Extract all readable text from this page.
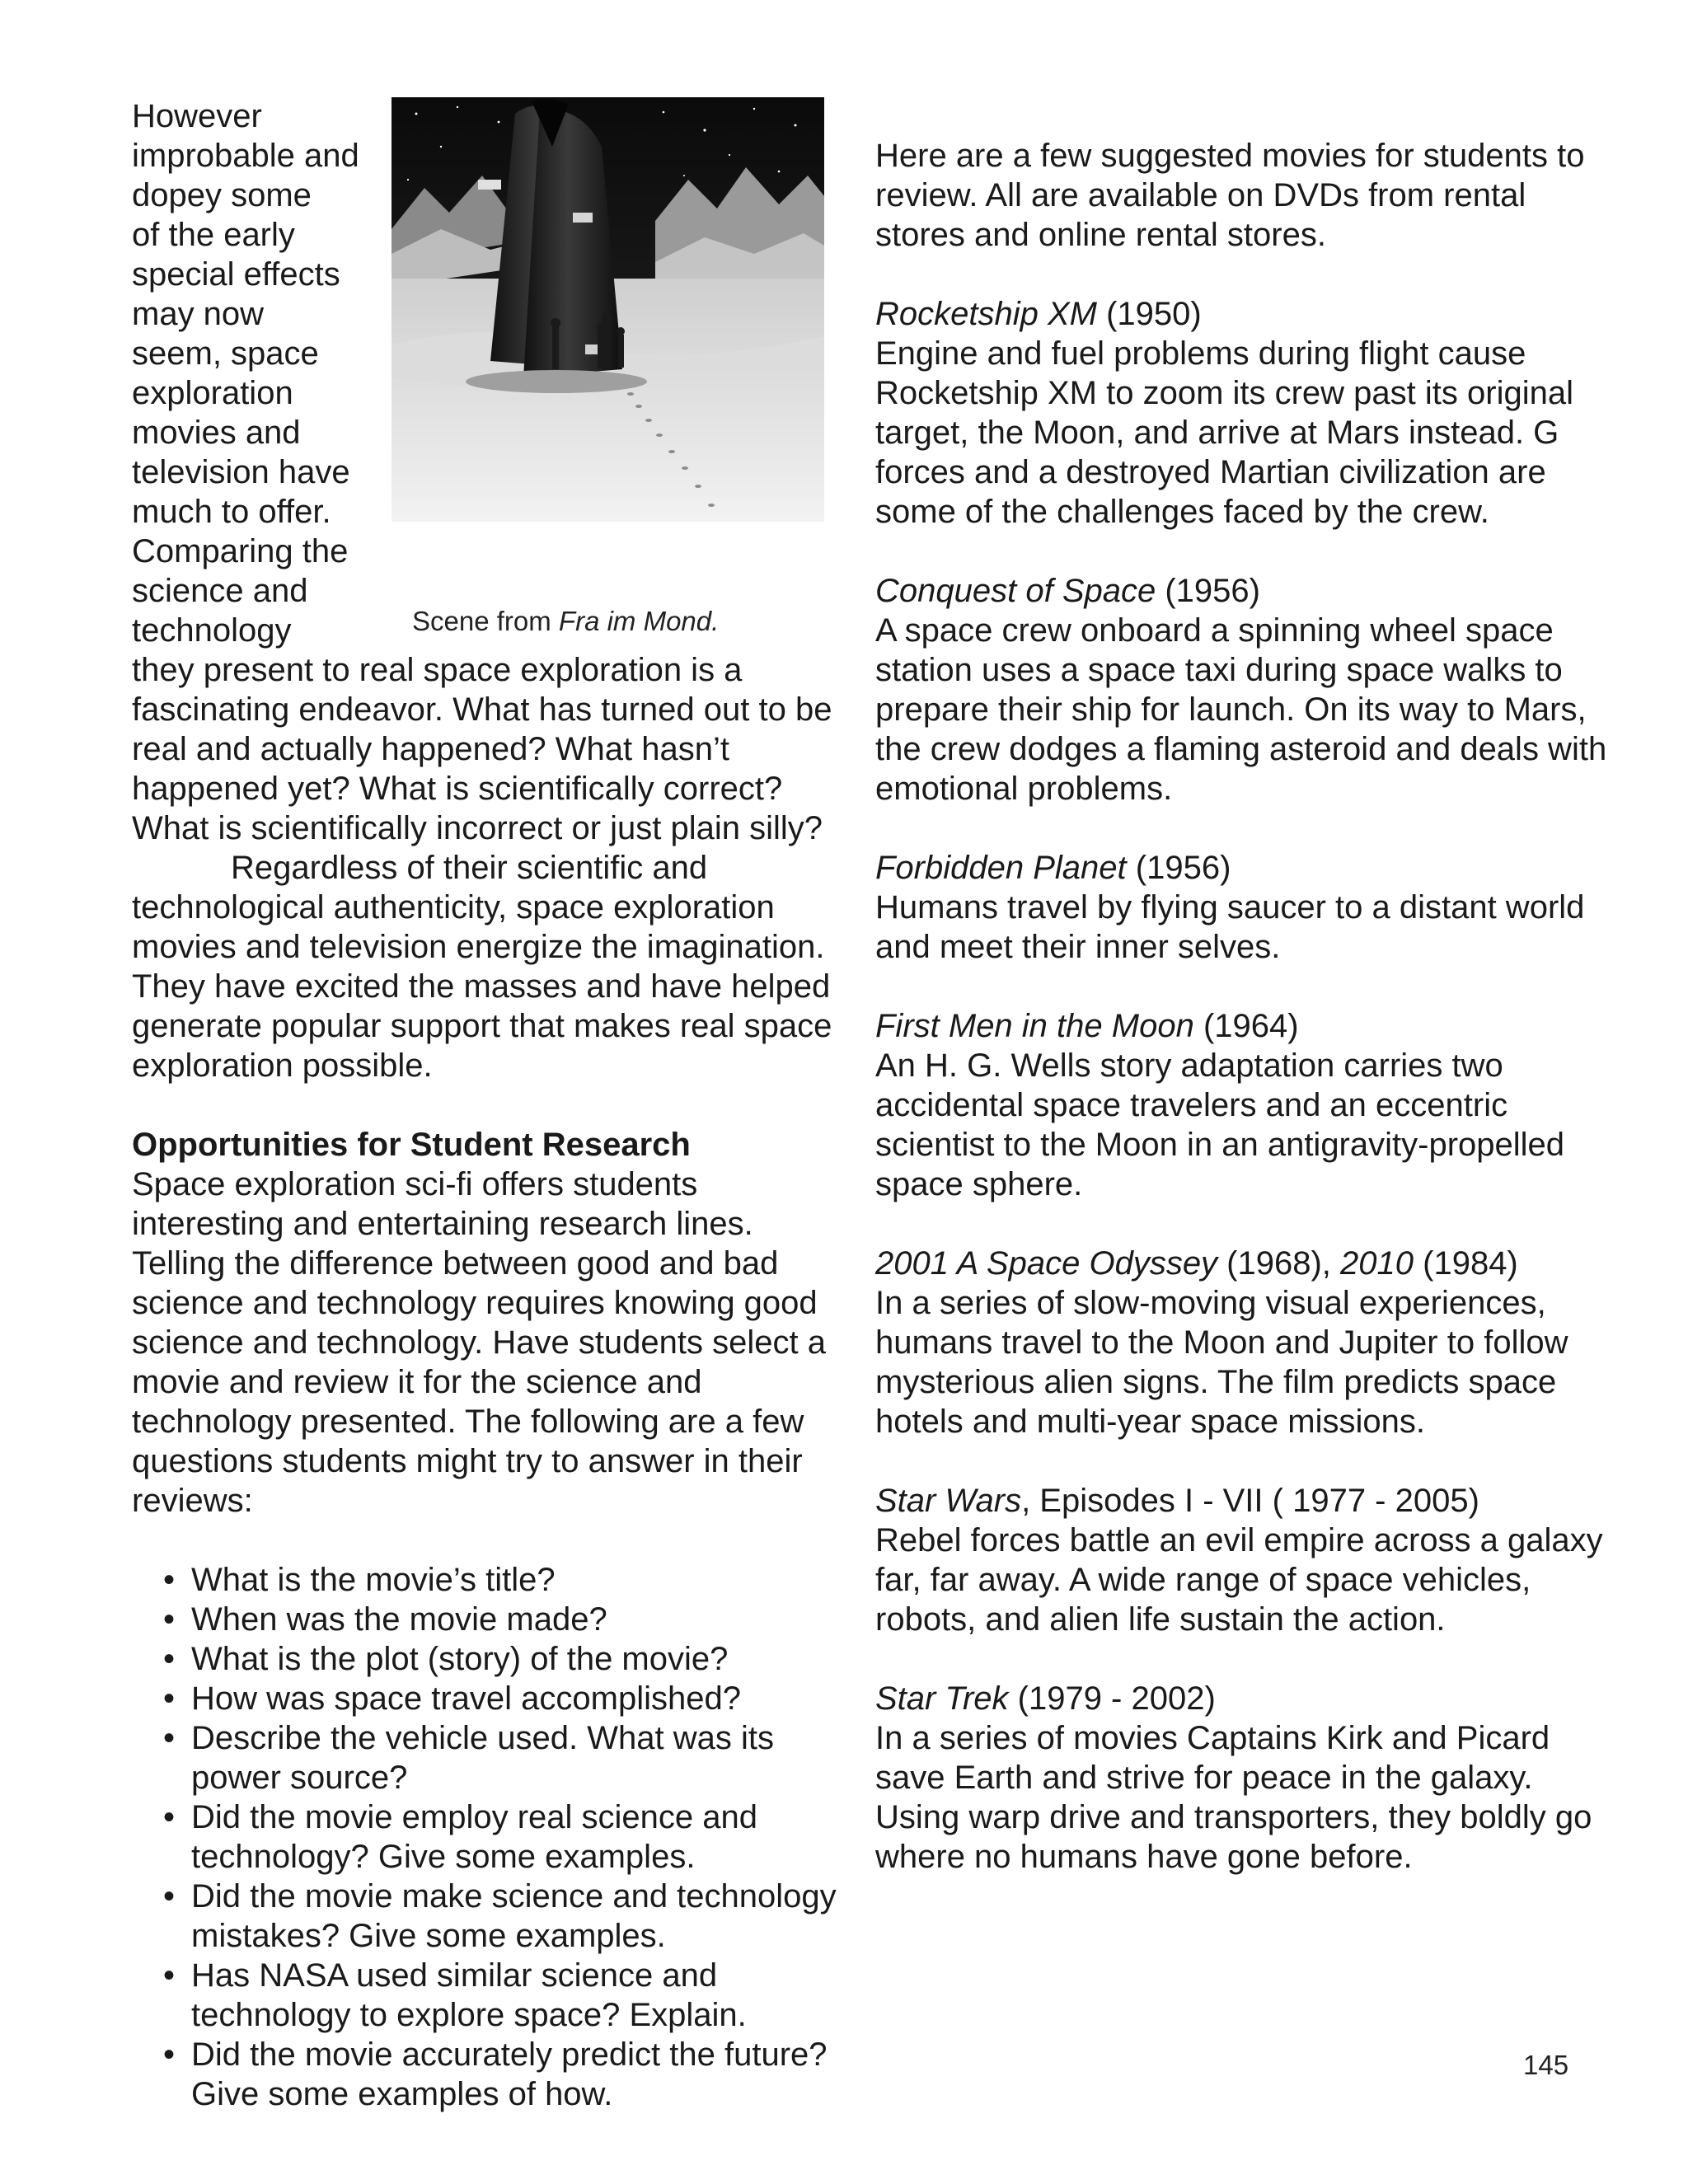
Scene from Fra im Mond.
However
improbable and
dopey some
of the early
special effects
may now
seem, space
exploration
movies and
television have
much to offer.
Comparing the
science and
technology

they present to real space exploration is a fascinating endeavor. What has turned out to be real and actually happened? What hasn’t happened yet? What is scientifically correct? What is scientifically incorrect or just plain silly?

Regardless of their scientific and technological authenticity, space exploration movies and television energize the imagination. They have excited the masses and have helped generate popular support that makes real space exploration possible.

Opportunities for Student Research

Space exploration sci-fi offers students interesting and entertaining research lines. Telling the difference between good and bad science and technology requires knowing good science and technology. Have students select a movie and review it for the science and technology presented. The following are a few questions students might try to answer in their reviews:

• What is the movie’s title?
• When was the movie made?
• What is the plot (story) of the movie?
• How was space travel accomplished?
• Describe the vehicle used. What was its power source?
• Did the movie employ real science and technology? Give some examples.
• Did the movie make science and technology mistakes? Give some examples.
• Has NASA used similar science and technology to explore space? Explain.
• Did the movie accurately predict the future? Give some examples of how.

Here are a few suggested movies for students to review. All are available on DVDs from rental stores and online rental stores.

Rocketship XM (1950)

Engine and fuel problems during flight cause Rocketship XM to zoom its crew past its original target, the Moon, and arrive at Mars instead. G forces and a destroyed Martian civilization are some of the challenges faced by the crew.

Conquest of Space (1956)

A space crew onboard a spinning wheel space station uses a space taxi during space walks to prepare their ship for launch. On its way to Mars, the crew dodges a flaming asteroid and deals with emotional problems.

Forbidden Planet (1956)

Humans travel by flying saucer to a distant world and meet their inner selves.

First Men in the Moon (1964)

An H. G. Wells story adaptation carries two accidental space travelers and an eccentric scientist to the Moon in an antigravity-propelled space sphere.

2001 A Space Odyssey (1968), 2010 (1984)

In a series of slow-moving visual experiences, humans travel to the Moon and Jupiter to follow mysterious alien signs. The film predicts space hotels and multi-year space missions.

Star Wars, Episodes I - VII ( 1977 - 2005)

Rebel forces battle an evil empire across a galaxy far, far away. A wide range of space vehicles, robots, and alien life sustain the action.

Star Trek (1979 - 2002)

In a series of movies Captains Kirk and Picard save Earth and strive for peace in the galaxy. Using warp drive and transporters, they boldly go where no humans have gone before.

145
